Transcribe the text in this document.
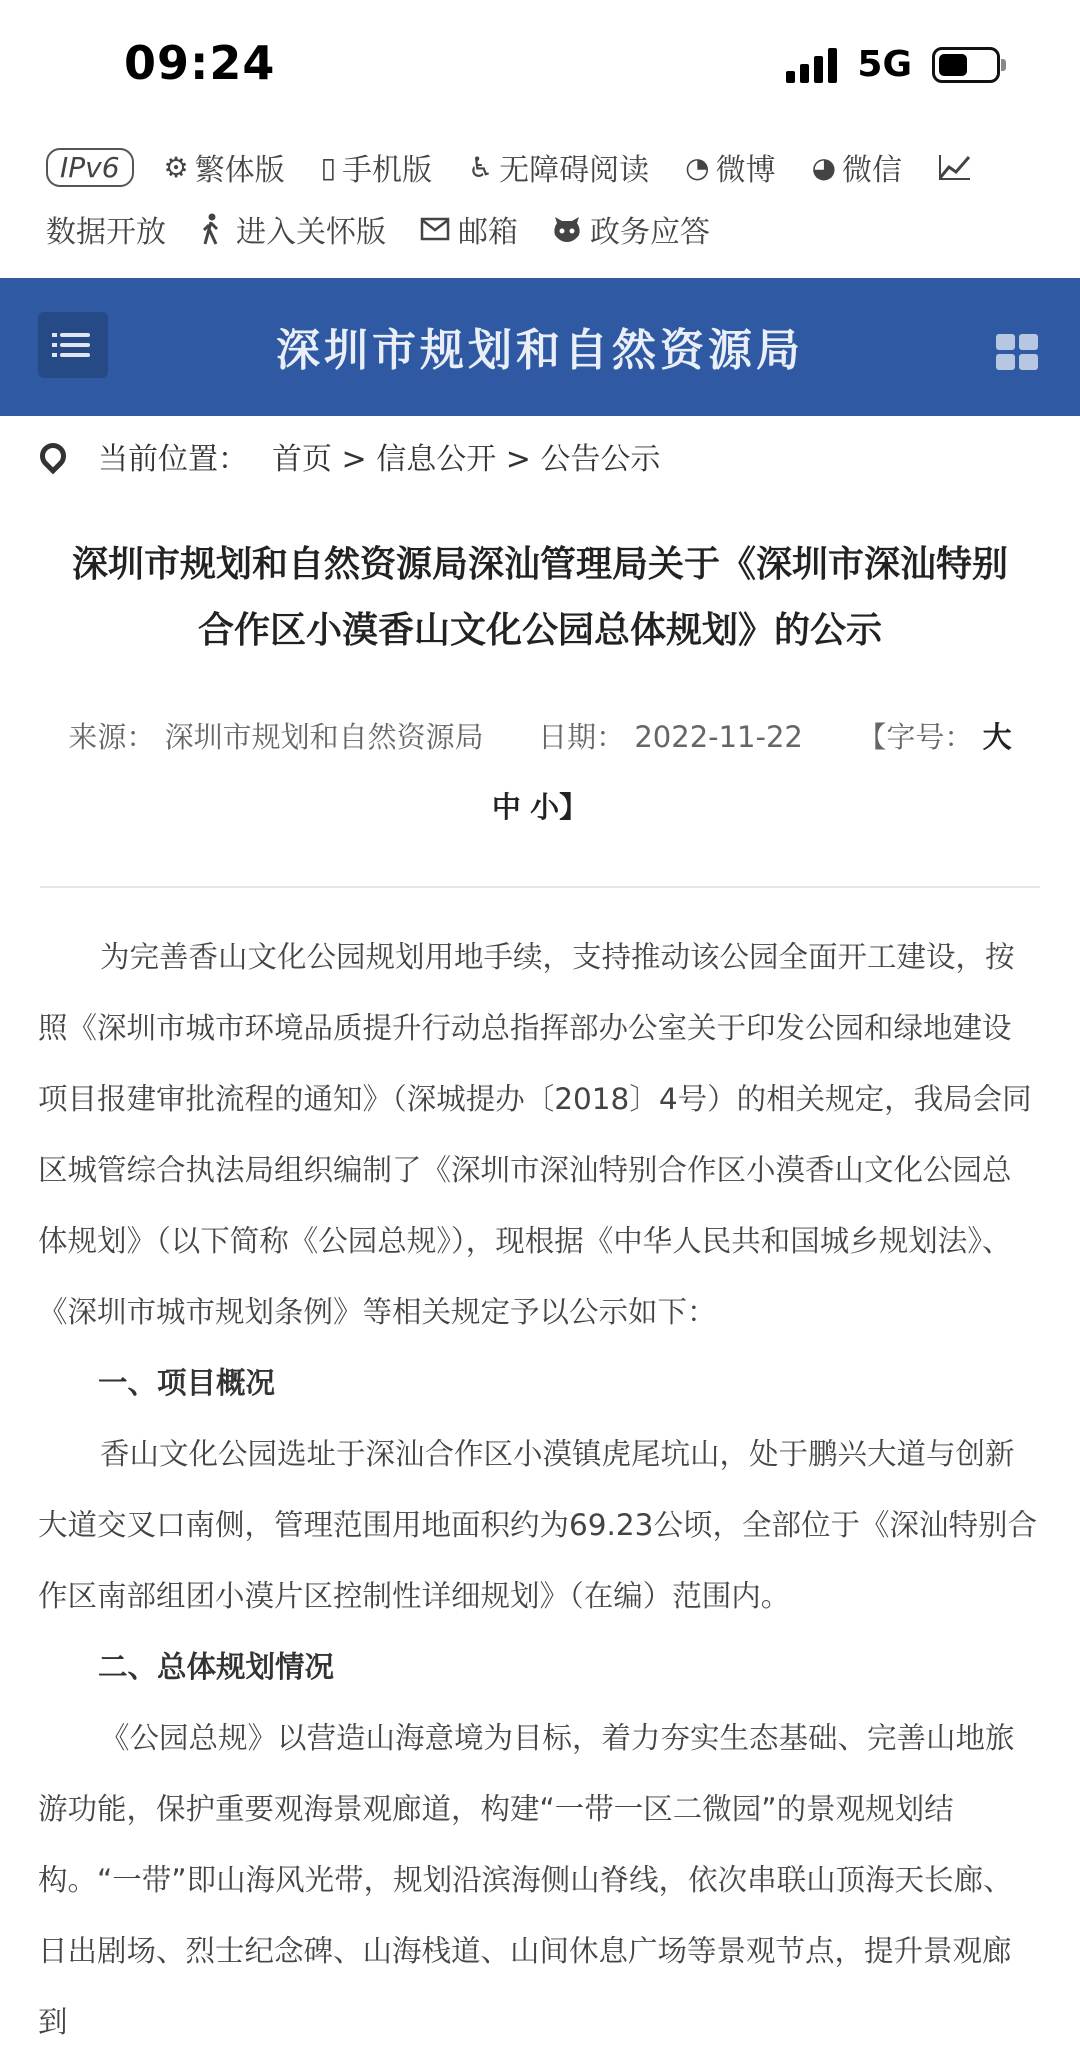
09:24	5G
IPv6	⚙ 繁体版 ▯ 手机版 ♿ 无障碍阅读 ◔ 微博 ◕ 微信
数据开放 进入关怀版 邮箱 政务应答
深圳市规划和自然资源局
当前位置： 首页 > 信息公开 > 公告公示
深圳市规划和自然资源局深汕管理局关于《深圳市深汕特别
合作区小漠香山文化公园总体规划》的公示
来源： 深圳市规划和自然资源局 日期： 2022-11-22 【字号： 大 中 小】

为完善香山文化公园规划用地手续，支持推动该公园全面开工建设，按照《深圳市城市环境品质提升行动总指挥部办公室关于印发公园和绿地建设项目报建审批流程的通知》（深城提办〔2018〕4号）的相关规定，我局会同区城管综合执法局组织编制了《深圳市深汕特别合作区小漠香山文化公园总体规划》（以下简称《公园总规》），现根据《中华人民共和国城乡规划法》、《深圳市城市规划条例》等相关规定予以公示如下：

一、项目概况

香山文化公园选址于深汕合作区小漠镇虎尾坑山，处于鹏兴大道与创新大道交叉口南侧，管理范围用地面积约为69.23公顷，全部位于《深汕特别合作区南部组团小漠片区控制性详细规划》（在编）范围内。

二、总体规划情况

《公园总规》以营造山海意境为目标，着力夯实生态基础、完善山地旅游功能，保护重要观海景观廊道，构建“一带一区二微园”的景观规划结构。“一带”即山海风光带，规划沿滨海侧山脊线，依次串联山顶海天长廊、日出剧场、烈士纪念碑、山海栈道、山间休息广场等景观节点，提升景观廊到
